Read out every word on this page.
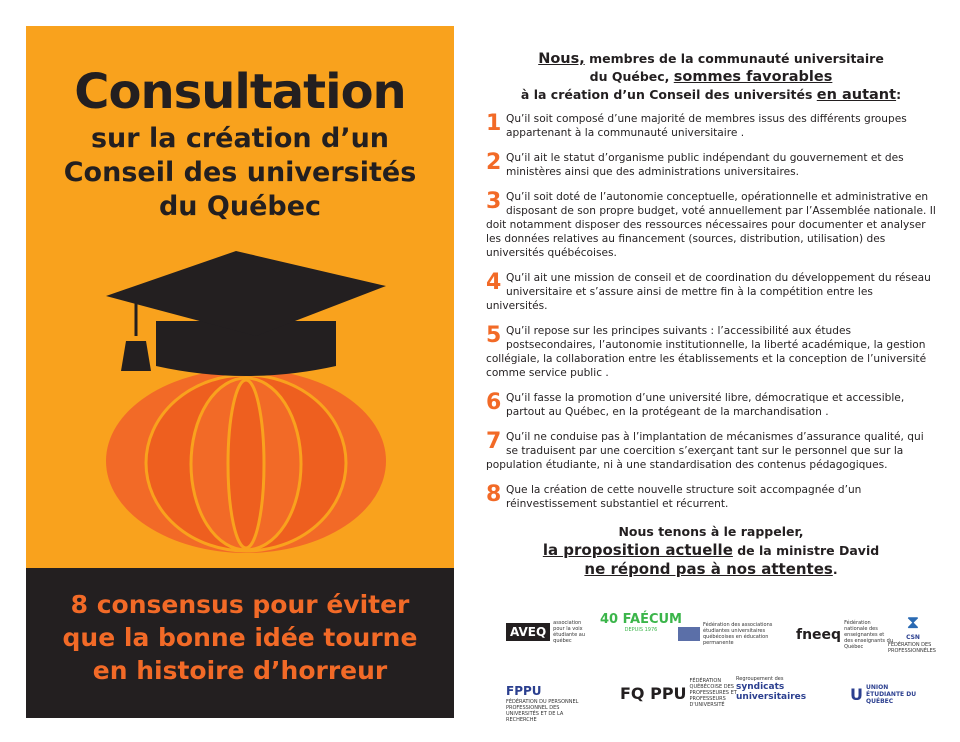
Consultation
sur la création d’un
Conseil des universités
du Québec
8 consensus pour éviter
que la bonne idée tourne
en histoire d’horreur
Nous, membres de la communauté universitaire
du Québec, sommes favorables
à la création d’un Conseil des universités en autant:
1 Qu’il soit composé d’une majorité de membres issus des différents groupes appartenant à la communauté universitaire .
2 Qu’il ait le statut d’organisme public indépendant du gouvernement et des ministères ainsi que des administrations universitaires.
3 Qu’il soit doté de l’autonomie conceptuelle, opérationnelle et administrative en disposant de son propre budget, voté annuellement par l’Assemblée nationale. Il doit notamment disposer des ressources nécessaires pour documenter et analyser les données relatives au financement (sources, distribution, utilisation) des universités québécoises.
4 Qu’il ait une mission de conseil et de coordination du développement du réseau universitaire et s’assure ainsi de mettre fin à la compétition entre les universités.
5 Qu’il repose sur les principes suivants : l’accessibilité aux études postsecondaires, l’autonomie institutionnelle, la liberté académique, la gestion collégiale, la collaboration entre les établissements et la conception de l’université comme service public .
6 Qu’il fasse la promotion d’une université libre, démocratique et accessible, partout au Québec, en la protégeant de la marchandisation .
7 Qu’il ne conduise pas à l’implantation de mécanismes d’assurance qualité, qui se traduisent par une coercition s’exerçant tant sur le personnel que sur la population étudiante, ni à une standardisation des contenus pédagogiques.
8 Que la création de cette nouvelle structure soit accompagnée d’un réinvestissement substantiel et récurrent.
Nous tenons à le rappeler,
la proposition actuelle de la ministre David
ne répond pas à nos attentes.
AVEQ
association pour la voix étudiante au québec
40 FAÉCUM
DEPUIS 1976
Fédération des associations étudiantes universitaires québécoises en éducation permanente	fneeq
Fédération nationale des enseignantes et des enseignants du Québec
⧗
CSN
FÉDÉRATION DES PROFESSIONNÈLES
FPPU
FÉDÉRATION DU PERSONNEL PROFESSIONNEL DES UNIVERSITÉS ET DE LA RECHERCHE
FQ PPU
FÉDÉRATION QUÉBÉCOISE DES PROFESSEURES ET PROFESSEURS D'UNIVERSITÉ
Regroupement des
syndicats universitaires	U UNION ÉTUDIANTE DU QUÉBEC
